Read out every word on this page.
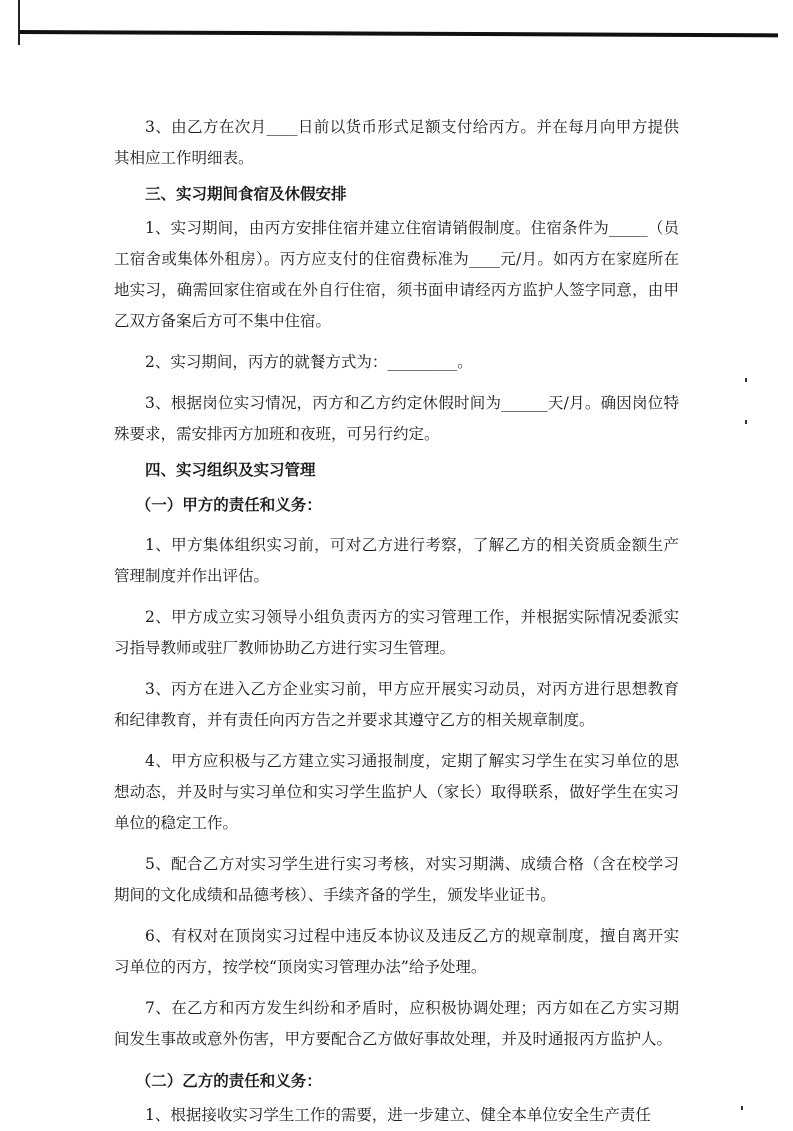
3、由乙方在次月____日前以货币形式足额支付给丙方。并在每月向甲方提供其相应工作明细表。

三、实习期间食宿及休假安排

1、实习期间，由丙方安排住宿并建立住宿请销假制度。住宿条件为_____（员工宿舍或集体外租房）。丙方应支付的住宿费标准为____元/月。如丙方在家庭所在地实习，确需回家住宿或在外自行住宿，须书面申请经丙方监护人签字同意，由甲乙双方备案后方可不集中住宿。

2、实习期间，丙方的就餐方式为：_________。

3、根据岗位实习情况，丙方和乙方约定休假时间为______天/月。确因岗位特殊要求，需安排丙方加班和夜班，可另行约定。

四、实习组织及实习管理

（一）甲方的责任和义务：

1、甲方集体组织实习前，可对乙方进行考察，了解乙方的相关资质金额生产管理制度并作出评估。

2、甲方成立实习领导小组负责丙方的实习管理工作，并根据实际情况委派实习指导教师或驻厂教师协助乙方进行实习生管理。

3、丙方在进入乙方企业实习前，甲方应开展实习动员，对丙方进行思想教育和纪律教育，并有责任向丙方告之并要求其遵守乙方的相关规章制度。

4、甲方应积极与乙方建立实习通报制度，定期了解实习学生在实习单位的思想动态，并及时与实习单位和实习学生监护人（家长）取得联系，做好学生在实习单位的稳定工作。

5、配合乙方对实习学生进行实习考核，对实习期满、成绩合格（含在校学习期间的文化成绩和品德考核）、手续齐备的学生，颁发毕业证书。

6、有权对在顶岗实习过程中违反本协议及违反乙方的规章制度，擅自离开实习单位的丙方，按学校“顶岗实习管理办法”给予处理。

7、在乙方和丙方发生纠纷和矛盾时，应积极协调处理；丙方如在乙方实习期间发生事故或意外伤害，甲方要配合乙方做好事故处理，并及时通报丙方监护人。

（二）乙方的责任和义务：

1、根据接收实习学生工作的需要，进一步建立、健全本单位安全生产责任
